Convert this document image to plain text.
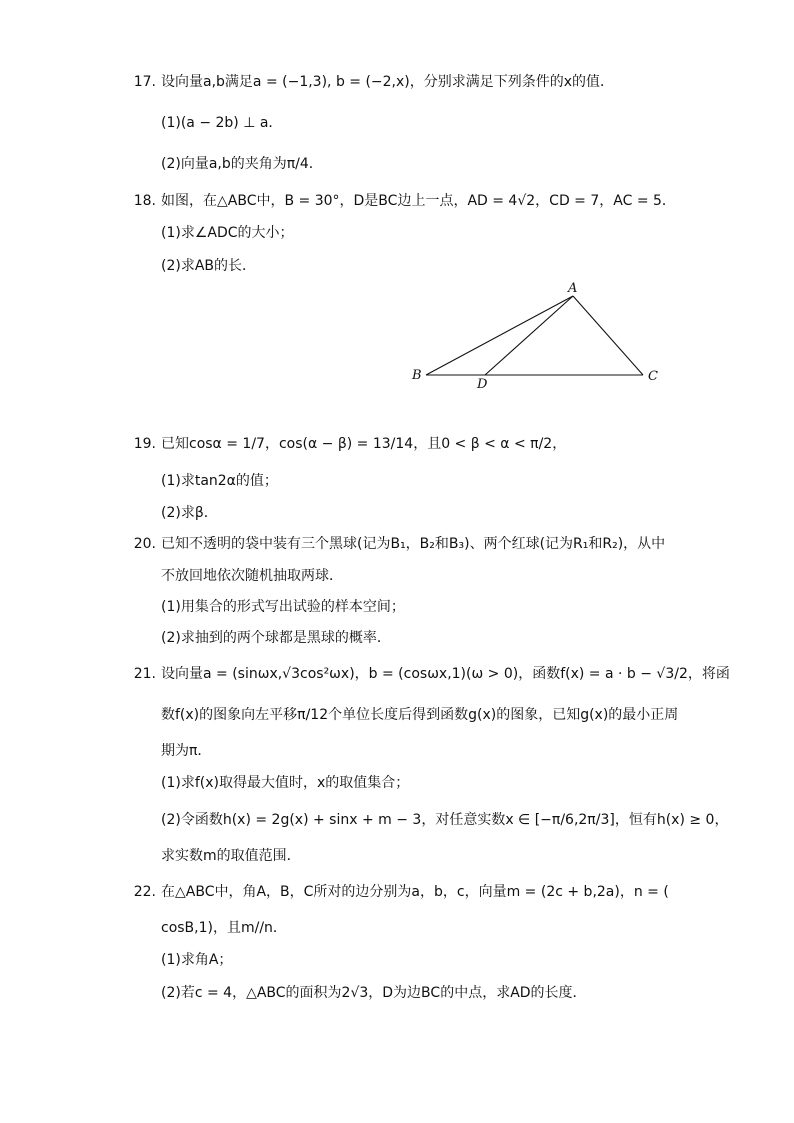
17. 设向量a,b满足a = (−1,3), b = (−2,x)，分别求满足下列条件的x的值．
(1)(a − 2b) ⊥ a．
(2)向量a,b的夹角为π/4．
18. 如图，在△ABC中，B = 30°，D是BC边上一点，AD = 4√2，CD = 7，AC = 5．
(1)求∠ADC的大小；
(2)求AB的长．
A
B	C
D
19. 已知cosα = 1/7，cos(α − β) = 13/14，且0 < β < α < π/2，
(1)求tan2α的值；
(2)求β．
20. 已知不透明的袋中装有三个黑球(记为B₁，B₂和B₃)、两个红球(记为R₁和R₂)，从中
不放回地依次随机抽取两球．
(1)用集合的形式写出试验的样本空间；
(2)求抽到的两个球都是黑球的概率．
21. 设向量a = (sinωx,√3cos²ωx)，b = (cosωx,1)(ω > 0)，函数f(x) = a · b − √3/2，将函
数f(x)的图象向左平移π/12个单位长度后得到函数g(x)的图象，已知g(x)的最小正周
期为π．
(1)求f(x)取得最大值时，x的取值集合；
(2)令函数h(x) = 2g(x) + sinx + m − 3，对任意实数x ∈ [−π/6,2π/3]，恒有h(x) ≥ 0，
求实数m的取值范围．
22. 在△ABC中，角A，B，C所对的边分别为a，b，c，向量m = (2c + b,2a)，n = (
cosB,1)，且m//n．
(1)求角A；
(2)若c = 4，△ABC的面积为2√3，D为边BC的中点，求AD的长度．
